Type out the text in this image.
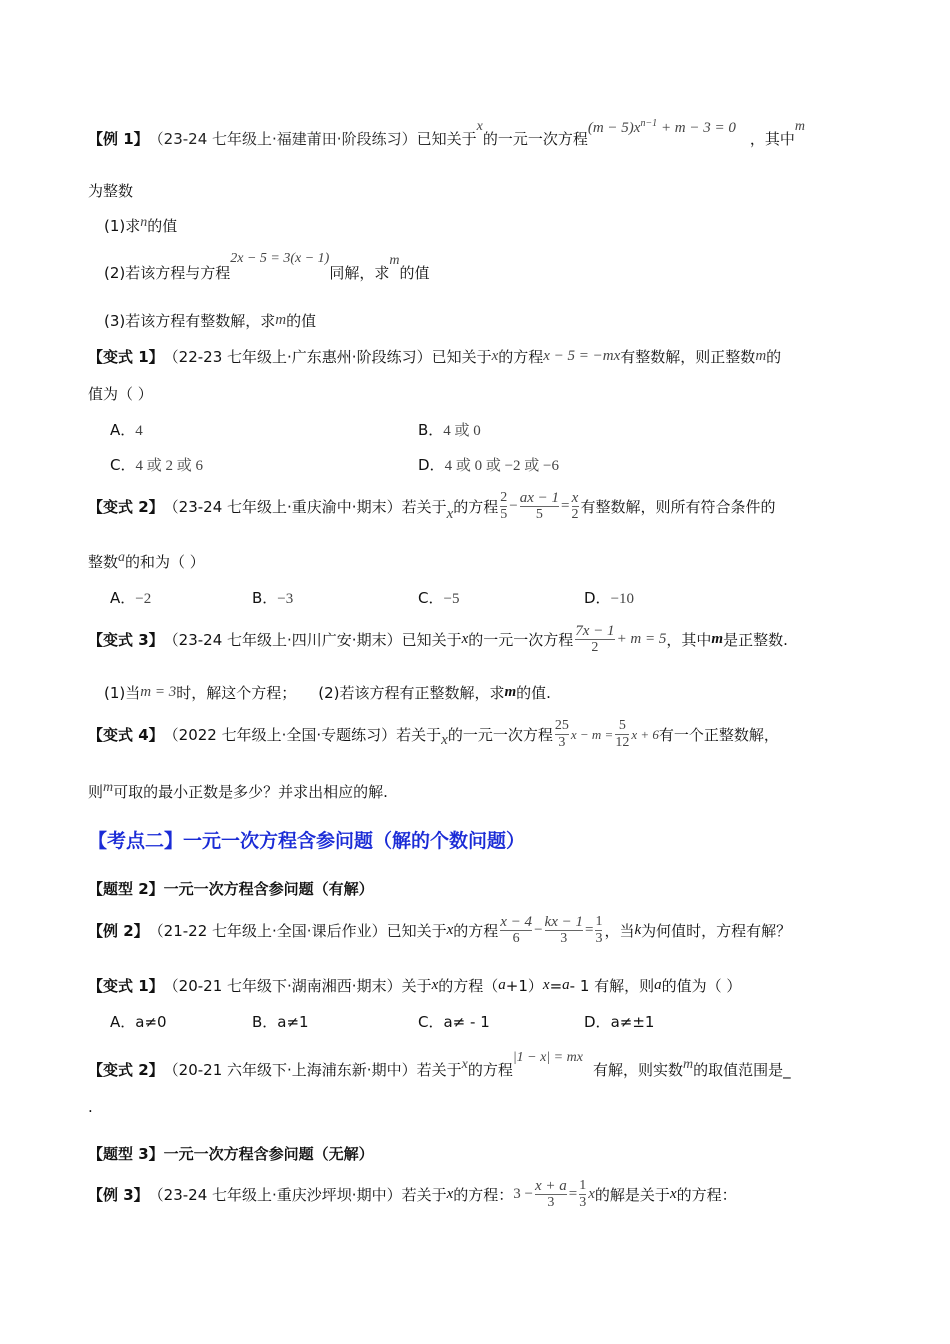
【例 1】 （23-24 七年级上·福建莆田·阶段练习） 已知关于
x
的一元一次方程
$(m - 5)x^{n-1} + m - 3 = 0$
，其中
m
为整数
(1)求 n 的值
(2)若该方程与方程
2x − 5 = 3(x − 1)
同解，求
m
的值
(3)若该方程有整数解，求 m 的值
【变式 1】 （22-23 七年级上·广东惠州·阶段练习） 已知关于 x 的方程 x − 5 = −mx 有整数解，则正整数 m 的
值为（ ）
A．4	B．4 或 0
C．4 或 2 或 6	D．4 或 0 或 −2 或 −6
【变式 2】 （23-24 七年级上·重庆渝中·期末） 若关于 x 的方程
2
5
− ax − 1
5
= x
2 有整数解，则所有符合条件的
整数 a 的和为（ ）
A．−2	B．−3	C．−5	D．−10
【变式 3】 （23-24 七年级上·四川广安·期末） 已知关于 x 的一元一次方程 7x − 1
2
+ m = 5 ，其中 m 是正整数.
(1)当 m = 3 时，解这个方程； (2)若该方程有正整数解，求 m 的值.
【变式 4】 （2022 七年级上·全国·专题练习） 若关于 x 的一元一次方程
25
3
x − m =
5
12
x + 6 有一个正整数解，
则 m 可取的最小正数是多少？并求出相应的解.
【考点二】一元一次方程含参问题（解的个数问题）
【题型 2】一元一次方程含参问题（有解）
【例 2】 （21-22 七年级上·全国·课后作业） 已知关于 x 的方程 x − 4
6
− kx − 1
3
=
1
3 ，当 k 为何值时，方程有解？
【变式 1】 （20-21 七年级下·湖南湘西·期末） 关于 x 的方程（ a +1） x = a - 1 有解，则 a 的值为（ ）
A．a≠0	B．a≠1	C．a≠ - 1	D．a≠±1
【变式 2】 （20-21 六年级下·上海浦东新·期中） 若关于 x 的方程
|1 − x| = mx
有解，则实数 m 的取值范围是_
.
【题型 3】一元一次方程含参问题（无解）
【例 3】 （23-24 七年级上·重庆沙坪坝·期中） 若关于 x 的方程： 3 − x + a
3
=
1
3
x 的解是关于 x 的方程：
